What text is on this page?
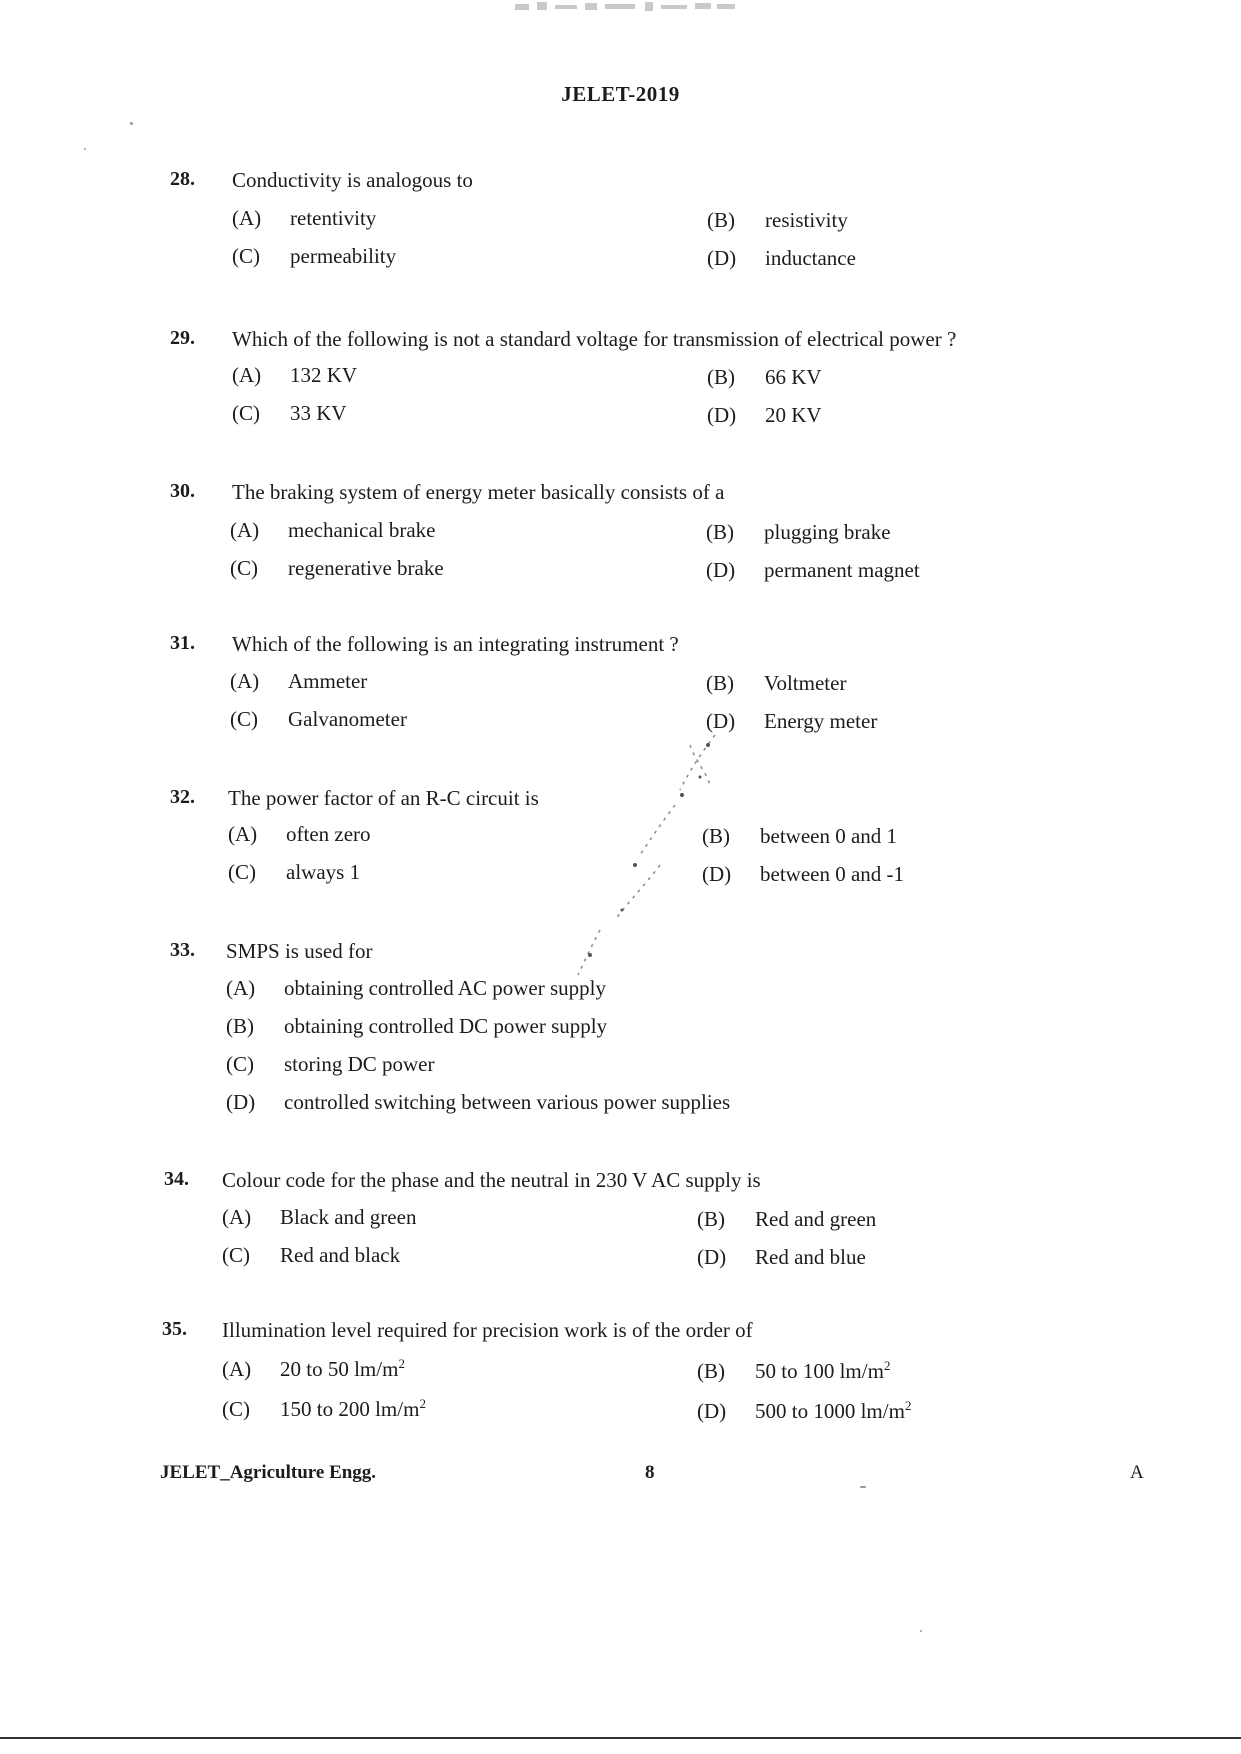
JELET-2019
28. Conductivity is analogous to
(A) retentivity	(B) resistivity
(C) permeability	(D) inductance
29. Which of the following is not a standard voltage for transmission of electrical power ?
(A) 132 KV	(B) 66 KV
(C) 33 KV	(D) 20 KV
30. The braking system of energy meter basically consists of a
(A) mechanical brake	(B) plugging brake
(C) regenerative brake	(D) permanent magnet
31. Which of the following is an integrating instrument ?
(A) Ammeter	(B) Voltmeter
(C) Galvanometer	(D) Energy meter
32. The power factor of an R-C circuit is
(A) often zero	(B) between 0 and 1
(C) always 1	(D) between 0 and -1
33. SMPS is used for
(A) obtaining controlled AC power supply
(B) obtaining controlled DC power supply
(C) storing DC power
(D) controlled switching between various power supplies
34. Colour code for the phase and the neutral in 230 V AC supply is
(A) Black and green	(B) Red and green
(C) Red and black	(D) Red and blue
35. Illumination level required for precision work is of the order of
(A) 20 to 50 $lm/m^2$	(B) 50 to 100 $lm/m^2$
(C) 150 to 200 $lm/m^2$	(D) 500 to 1000 $lm/m^2$
JELET_Agriculture Engg.	8	A
